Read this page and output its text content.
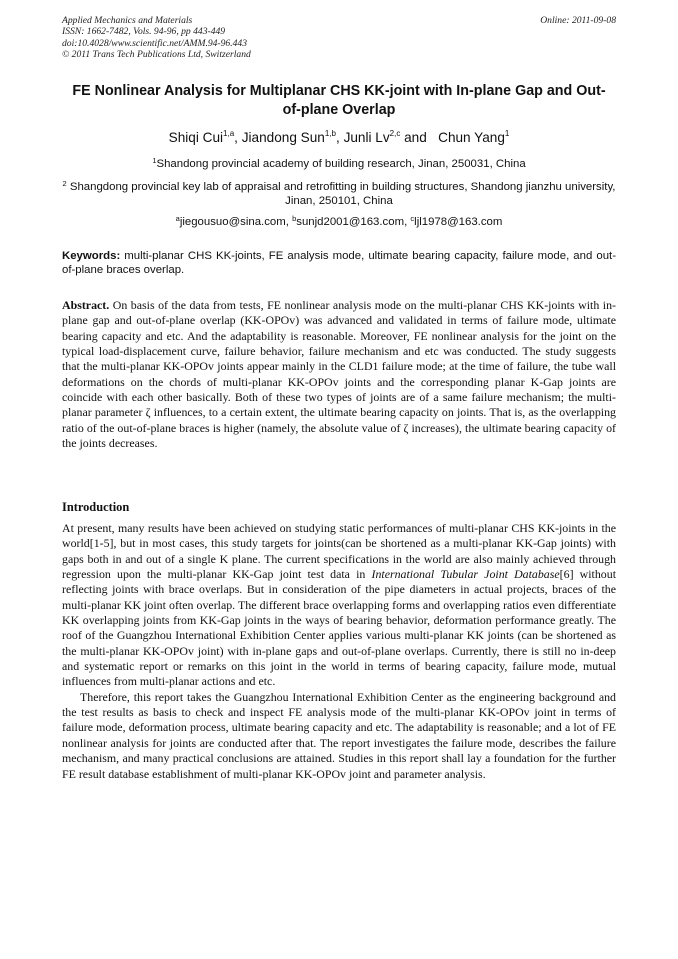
Applied Mechanics and Materials
ISSN: 1662-7482, Vols. 94-96, pp 443-449
doi:10.4028/www.scientific.net/AMM.94-96.443
© 2011 Trans Tech Publications Ltd, Switzerland
Online: 2011-09-08
FE Nonlinear Analysis for Multiplanar CHS KK-joint with In-plane Gap and Out-of-plane Overlap
Shiqi Cui$^{1,a}$, Jiandong Sun$^{1,b}$, Junli Lv$^{2,c}$ and   Chun Yang$^1$
$^1$Shandong provincial academy of building research, Jinan, 250031, China
$^2$ Shangdong provincial key lab of appraisal and retrofitting in building structures, Shandong jianzhu university, Jinan, 250101, China
$^a$jiegousuo@sina.com, $^b$sunjd2001@163.com, $^c$ljl1978@163.com
Keywords: multi-planar CHS KK-joints, FE analysis mode, ultimate bearing capacity, failure mode, and out-of-plane braces overlap.
Abstract. On basis of the data from tests, FE nonlinear analysis mode on the multi-planar CHS KK-joints with in-plane gap and out-of-plane overlap (KK-OPOv) was advanced and validated in terms of failure mode, ultimate bearing capacity and etc. And the adaptability is reasonable. Moreover, FE nonlinear analysis for the joint on the typical load-displacement curve, failure behavior, failure mechanism and etc was conducted. The study suggests that the multi-planar KK-OPOv joints appear mainly in the CLD1 failure mode; at the time of failure, the tube wall deformations on the chords of multi-planar KK-OPOv joints and the corresponding planar K-Gap joints are coincide with each other basically. Both of these two types of joints are of a same failure mechanism; the multi-planar parameter ζ influences, to a certain extent, the ultimate bearing capacity on joints. That is, as the overlapping ratio of the out-of-plane braces is higher (namely, the absolute value of ζ increases), the ultimate bearing capacity of the joints decreases.
Introduction

At present, many results have been achieved on studying static performances of multi-planar CHS KK-joints in the world[1-5], but in most cases, this study targets for joints(can be shortened as a multi-planar KK-Gap joints) with gaps both in and out of a single K plane. The current specifications in the world are also mainly achieved through regression upon the multi-planar KK-Gap joint test data in International Tubular Joint Database[6] without reflecting joints with brace overlaps. But in consideration of the pipe diameters in actual projects, braces of the multi-planar KK joint often overlap. The different brace overlapping forms and overlapping ratios even differentiate KK overlapping joints from KK-Gap joints in the ways of bearing behavior, deformation performance greatly. The roof of the Guangzhou International Exhibition Center applies various multi-planar KK joints (can be shortened as the multi-planar KK-OPOv joint) with in-plane gaps and out-of-plane overlaps. Currently, there is still no in-deep and systematic report or remarks on this joint in the world in terms of bearing capacity, failure mode, mutual influences from multi-planar actions and etc.

Therefore, this report takes the Guangzhou International Exhibition Center as the engineering background and the test results as basis to check and inspect FE analysis mode of the multi-planar KK-OPOv joint in terms of failure mode, deformation process, ultimate bearing capacity and etc. The adaptability is reasonable; and a lot of FE nonlinear analysis for joints are conducted after that. The report investigates the failure mode, describes the failure mechanism, and many practical conclusions are attained. Studies in this report shall lay a foundation for the further FE result database establishment of multi-planar KK-OPOv joint and parameter analysis.
